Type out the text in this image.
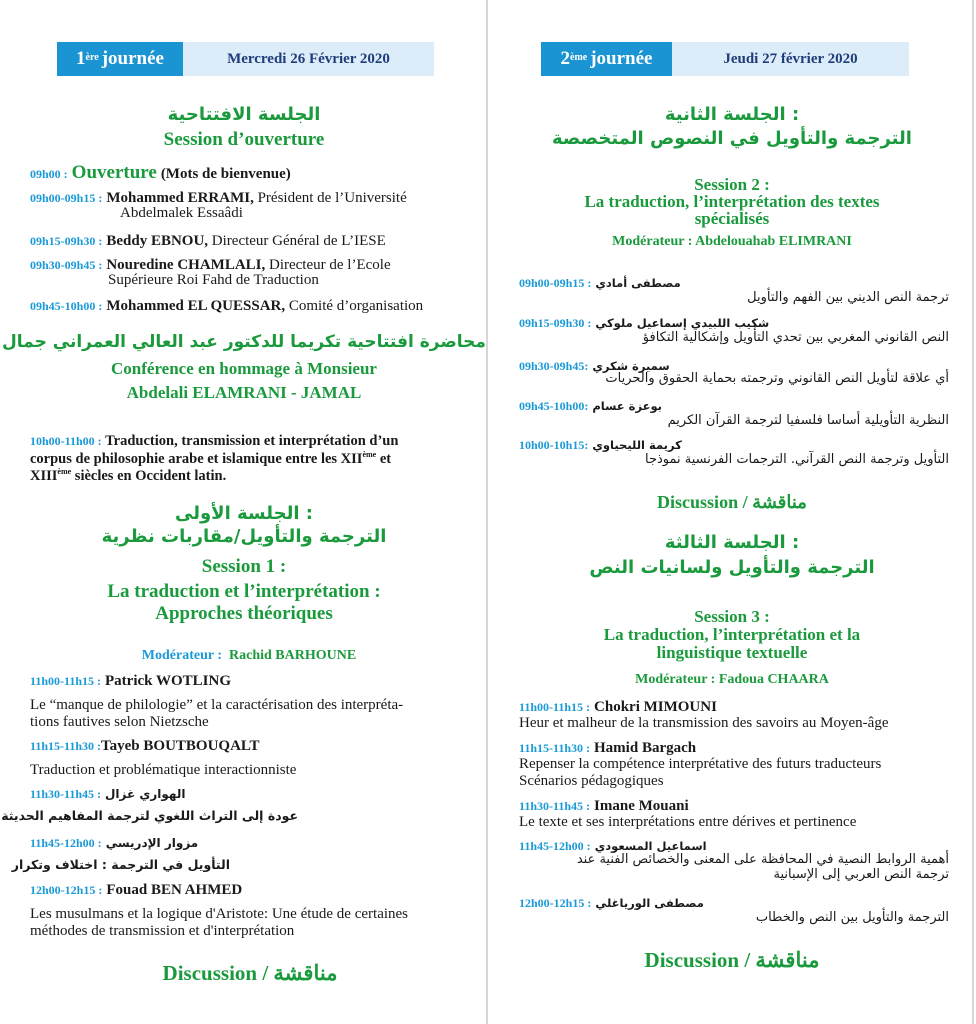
1ère journée	Mercredi 26 Février 2020
الجلسة الافتتاحية
Session d’ouverture
09h00 : Ouverture (Mots de bienvenue)
09h00-09h15 : Mohammed ERRAMI, Président de l’Université
Abdelmalek Essaâdi
09h15-09h30 : Beddy EBNOU, Directeur Général de L’IESE
09h30-09h45 : Nouredine CHAMLALI, Directeur de l’Ecole
Supérieure Roi Fahd de Traduction
09h45-10h00 : Mohammed EL QUESSAR, Comité d’organisation
محاضرة افتتاحية تكريما للدكتور عبد العالي العمراني جمال
Conférence en hommage à Monsieur
Abdelali ELAMRANI - JAMAL
10h00-11h00 : Traduction, transmission et interprétation d’un
corpus de philosophie arabe et islamique entre les XIIème et
XIIIème siècles en Occident latin.
الجلسة الأولى :
الترجمة والتأويل/مقاربات نظرية
Session 1 :
La traduction et l’interprétation :
Approches théoriques
Modérateur : Rachid BARHOUNE
11h00-11h15 : Patrick WOTLING
Le “manque de philologie” et la caractérisation des interpréta-
tions fautives selon Nietzsche
11h15-11h30 :Tayeb BOUTBOUQALT
Traduction et problématique interactionniste
11h30-11h45 : الهواري غزال
عودة إلى التراث اللغوي لترجمة المفاهيم الحديثة
11h45-12h00 : مزوار الإدريسي
التأويل في الترجمة : اختلاف وتكرار
12h00-12h15 : Fouad BEN AHMED
Les musulmans et la logique d'Aristote: Une étude de certaines
méthodes de transmission et d'interprétation
Discussion / مناقشة
2ème journée	Jeudi 27 février 2020
الجلسة الثانية :
الترجمة والتأويل في النصوص المتخصصة
Session 2 :
La traduction, l’interprétation des textes
spécialisés
Modérateur : Abdelouahab ELIMRANI
09h00-09h15 : مصطفى أمادي
ترجمة النص الديني بين الفهم والتأويل
09h15-09h30 : شكيب اللبيدي إسماعيل ملوكي
النص القانوني المغربي بين تحدي التأويل وإشكالية التكافؤ
09h30-09h45: سميرة شكري
أي علاقة لتأويل النص القانوني وترجمته بحماية الحقوق والحريات
09h45-10h00: بوعزة عسام
النظرية التأويلية أساسا فلسفيا لترجمة القرآن الكريم
10h00-10h15: كريمة الليحياوي
التأويل وترجمة النص القرآني. الترجمات الفرنسية نموذجا
Discussion / مناقشة
الجلسة الثالثة :
الترجمة والتأويل ولسانيات النص
Session 3 :
La traduction, l’interprétation et la
linguistique textuelle
Modérateur : Fadoua CHAARA
11h00-11h15 : Chokri MIMOUNI
Heur et malheur de la transmission des savoirs au Moyen-âge
11h15-11h30 : Hamid Bargach
Repenser la compétence interprétative des futurs traducteurs
Scénarios pédagogiques
11h30-11h45 : Imane Mouani
Le texte et ses interprétations entre dérives et pertinence
11h45-12h00 : اسماعيل المسعودي
أهمية الروابط النصية في المحافظة على المعنى والخصائص الفنية عند
ترجمة النص العربي إلى الإسبانية
12h00-12h15 : مصطفى الورياغلي
الترجمة والتأويل بين النص والخطاب
Discussion / مناقشة
